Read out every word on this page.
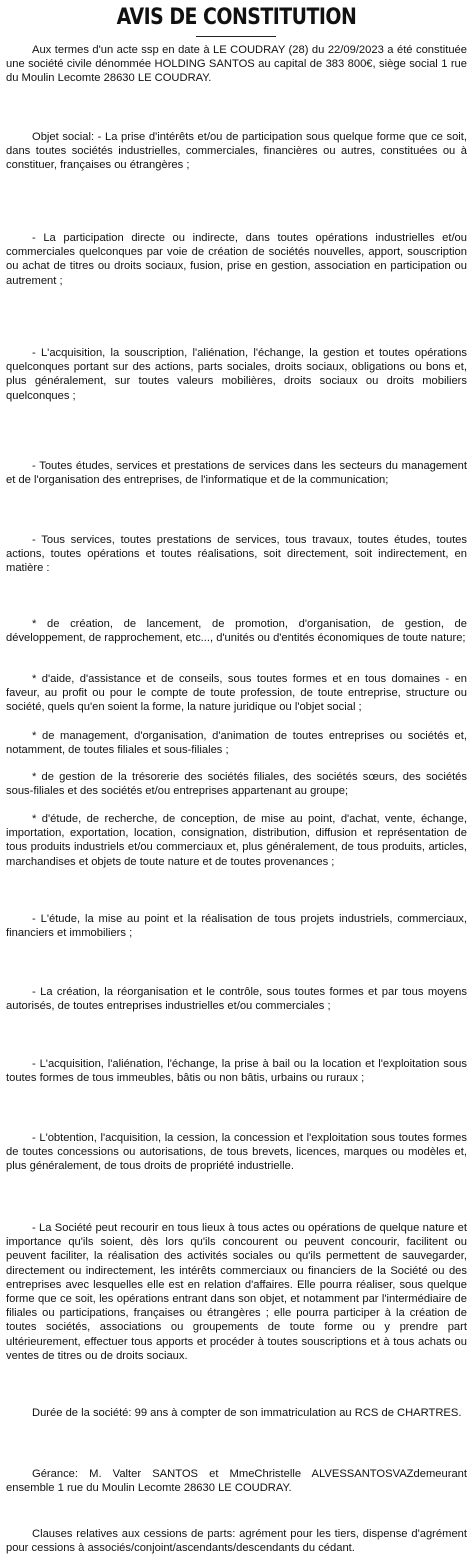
AVIS DE CONSTITUTION

Aux termes d'un acte ssp en date à LE COUDRAY (28) du 22/09/2023 a été constituée une société civile dénommée HOLDING SANTOS au capital de 383 800€, siège social 1 rue du Moulin Lecomte 28630 LE COUDRAY.

Objet social: - La prise d'intérêts et/ou de participation sous quelque forme que ce soit, dans toutes sociétés industrielles, commerciales, financières ou autres, constituées ou à constituer, françaises ou étrangères ;

- La participation directe ou indirecte, dans toutes opérations industrielles et/ou commerciales quelconques par voie de création de sociétés nouvelles, apport, souscription ou achat de titres ou droits sociaux, fusion, prise en gestion, association en participation ou autrement ;

- L'acquisition, la souscription, l'aliénation, l'échange, la gestion et toutes opérations quelconques portant sur des actions, parts sociales, droits sociaux, obligations ou bons et, plus généralement, sur toutes valeurs mobilières, droits sociaux ou droits mobiliers quelconques ;

- Toutes études, services et prestations de services dans les secteurs du management et de l'organisation des entreprises, de l'informatique et de la communication;

- Tous services, toutes prestations de services, tous travaux, toutes études, toutes actions, toutes opérations et toutes réalisations, soit directement, soit indirectement, en matière :

* de création, de lancement, de promotion, d'organisation, de gestion, de développement, de rapprochement, etc..., d'unités ou d'entités économiques de toute nature;

* d'aide, d'assistance et de conseils, sous toutes formes et en tous domaines - en faveur, au profit ou pour le compte de toute profession, de toute entreprise, structure ou société, quels qu'en soient la forme, la nature juridique ou l'objet social ;

* de management, d'organisation, d'animation de toutes entreprises ou sociétés et, notamment, de toutes filiales et sous-filiales ;

* de gestion de la trésorerie des sociétés filiales, des sociétés sœurs, des sociétés sous-filiales et des sociétés et/ou entreprises appartenant au groupe;

* d'étude, de recherche, de conception, de mise au point, d'achat, vente, échange, importation, exportation, location, consignation, distribution, diffusion et représentation de tous produits industriels et/ou commerciaux et, plus généralement, de tous produits, articles, marchandises et objets de toute nature et de toutes provenances ;

- L'étude, la mise au point et la réalisation de tous projets industriels, commerciaux, financiers et immobiliers ;

- La création, la réorganisation et le contrôle, sous toutes formes et par tous moyens autorisés, de toutes entreprises industrielles et/ou commerciales ;

- L'acquisition, l'aliénation, l'échange, la prise à bail ou la location et l'exploitation sous toutes formes de tous immeubles, bâtis ou non bâtis, urbains ou ruraux ;

- L'obtention, l'acquisition, la cession, la concession et l'exploitation sous toutes formes de toutes concessions ou autorisations, de tous brevets, licences, marques ou modèles et, plus généralement, de tous droits de propriété industrielle.

- La Société peut recourir en tous lieux à tous actes ou opérations de quelque nature et importance qu'ils soient, dès lors qu'ils concourent ou peuvent concourir, facilitent ou peuvent faciliter, la réalisation des activités sociales ou qu'ils permettent de sauvegarder, directement ou indirectement, les intérêts commerciaux ou financiers de la Société ou des entreprises avec lesquelles elle est en relation d'affaires. Elle pourra réaliser, sous quelque forme que ce soit, les opérations entrant dans son objet, et notamment par l'intermédiaire de filiales ou participations, françaises ou étrangères ; elle pourra participer à la création de toutes sociétés, associations ou groupements de toute forme ou y prendre part ultérieurement, effectuer tous apports et procéder à toutes souscriptions et à tous achats ou ventes de titres ou de droits sociaux.

Durée de la société: 99 ans à compter de son immatriculation au RCS de CHARTRES.

Gérance: M. Valter SANTOS et MmeChristelle ALVESSANTOSVAZdemeurant ensemble 1 rue du Moulin Lecomte 28630 LE COUDRAY.

Clauses relatives aux cessions de parts: agrément pour les tiers, dispense d'agrément pour cessions à associés/conjoint/ascendants/descendants du cédant.
